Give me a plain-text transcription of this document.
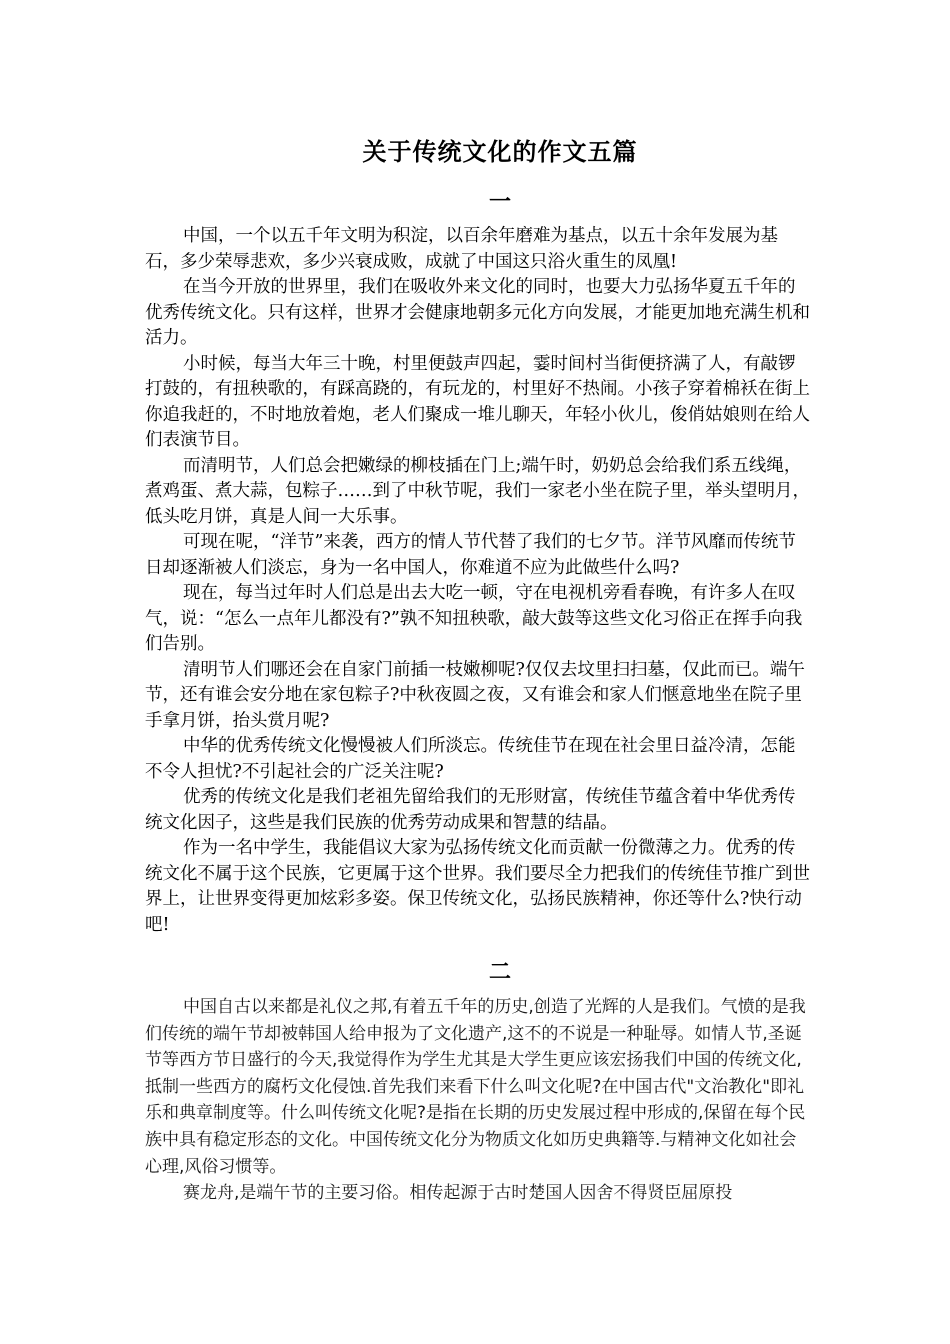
关于传统文化的作文五篇
一

中国，一个以五千年文明为积淀，以百余年磨难为基点，以五十余年发展为基石，多少荣辱悲欢，多少兴衰成败，成就了中国这只浴火重生的凤凰!

在当今开放的世界里，我们在吸收外来文化的同时，也要大力弘扬华夏五千年的优秀传统文化。只有这样，世界才会健康地朝多元化方向发展，才能更加地充满生机和活力。

小时候，每当大年三十晚，村里便鼓声四起，霎时间村当街便挤满了人，有敲锣打鼓的，有扭秧歌的，有踩高跷的，有玩龙的，村里好不热闹。小孩子穿着棉袄在街上你追我赶的，不时地放着炮，老人们聚成一堆儿聊天，年轻小伙儿，俊俏姑娘则在给人们表演节目。

而清明节，人们总会把嫩绿的柳枝插在门上;端午时，奶奶总会给我们系五线绳，煮鸡蛋、煮大蒜，包粽子……到了中秋节呢，我们一家老小坐在院子里，举头望明月，低头吃月饼，真是人间一大乐事。

可现在呢，“洋节”来袭，西方的情人节代替了我们的七夕节。洋节风靡而传统节日却逐渐被人们淡忘，身为一名中国人，你难道不应为此做些什么吗?

现在，每当过年时人们总是出去大吃一顿，守在电视机旁看春晚，有许多人在叹气，说：“怎么一点年儿都没有?”孰不知扭秧歌，敲大鼓等这些文化习俗正在挥手向我们告别。

清明节人们哪还会在自家门前插一枝嫩柳呢?仅仅去坟里扫扫墓，仅此而已。端午节，还有谁会安分地在家包粽子?中秋夜圆之夜，又有谁会和家人们惬意地坐在院子里手拿月饼，抬头赏月呢?

中华的优秀传统文化慢慢被人们所淡忘。传统佳节在现在社会里日益冷清，怎能不令人担忧?不引起社会的广泛关注呢?

优秀的传统文化是我们老祖先留给我们的无形财富，传统佳节蕴含着中华优秀传统文化因子，这些是我们民族的优秀劳动成果和智慧的结晶。

作为一名中学生，我能倡议大家为弘扬传统文化而贡献一份微薄之力。优秀的传统文化不属于这个民族，它更属于这个世界。我们要尽全力把我们的传统佳节推广到世界上，让世界变得更加炫彩多姿。保卫传统文化，弘扬民族精神，你还等什么?快行动吧!

二

中国自古以来都是礼仪之邦,有着五千年的历史,创造了光辉的人是我们。气愤的是我们传统的端午节却被韩国人给申报为了文化遗产,这不的不说是一种耻辱。如情人节,圣诞节等西方节日盛行的今天,我觉得作为学生尤其是大学生更应该宏扬我们中国的传统文化,抵制一些西方的腐朽文化侵蚀.首先我们来看下什么叫文化呢?在中国古代"文治教化"即礼乐和典章制度等。什么叫传统文化呢?是指在长期的历史发展过程中形成的,保留在每个民族中具有稳定形态的文化。中国传统文化分为物质文化如历史典籍等.与精神文化如社会心理,风俗习惯等。

赛龙舟,是端午节的主要习俗。相传起源于古时楚国人因舍不得贤臣屈原投
